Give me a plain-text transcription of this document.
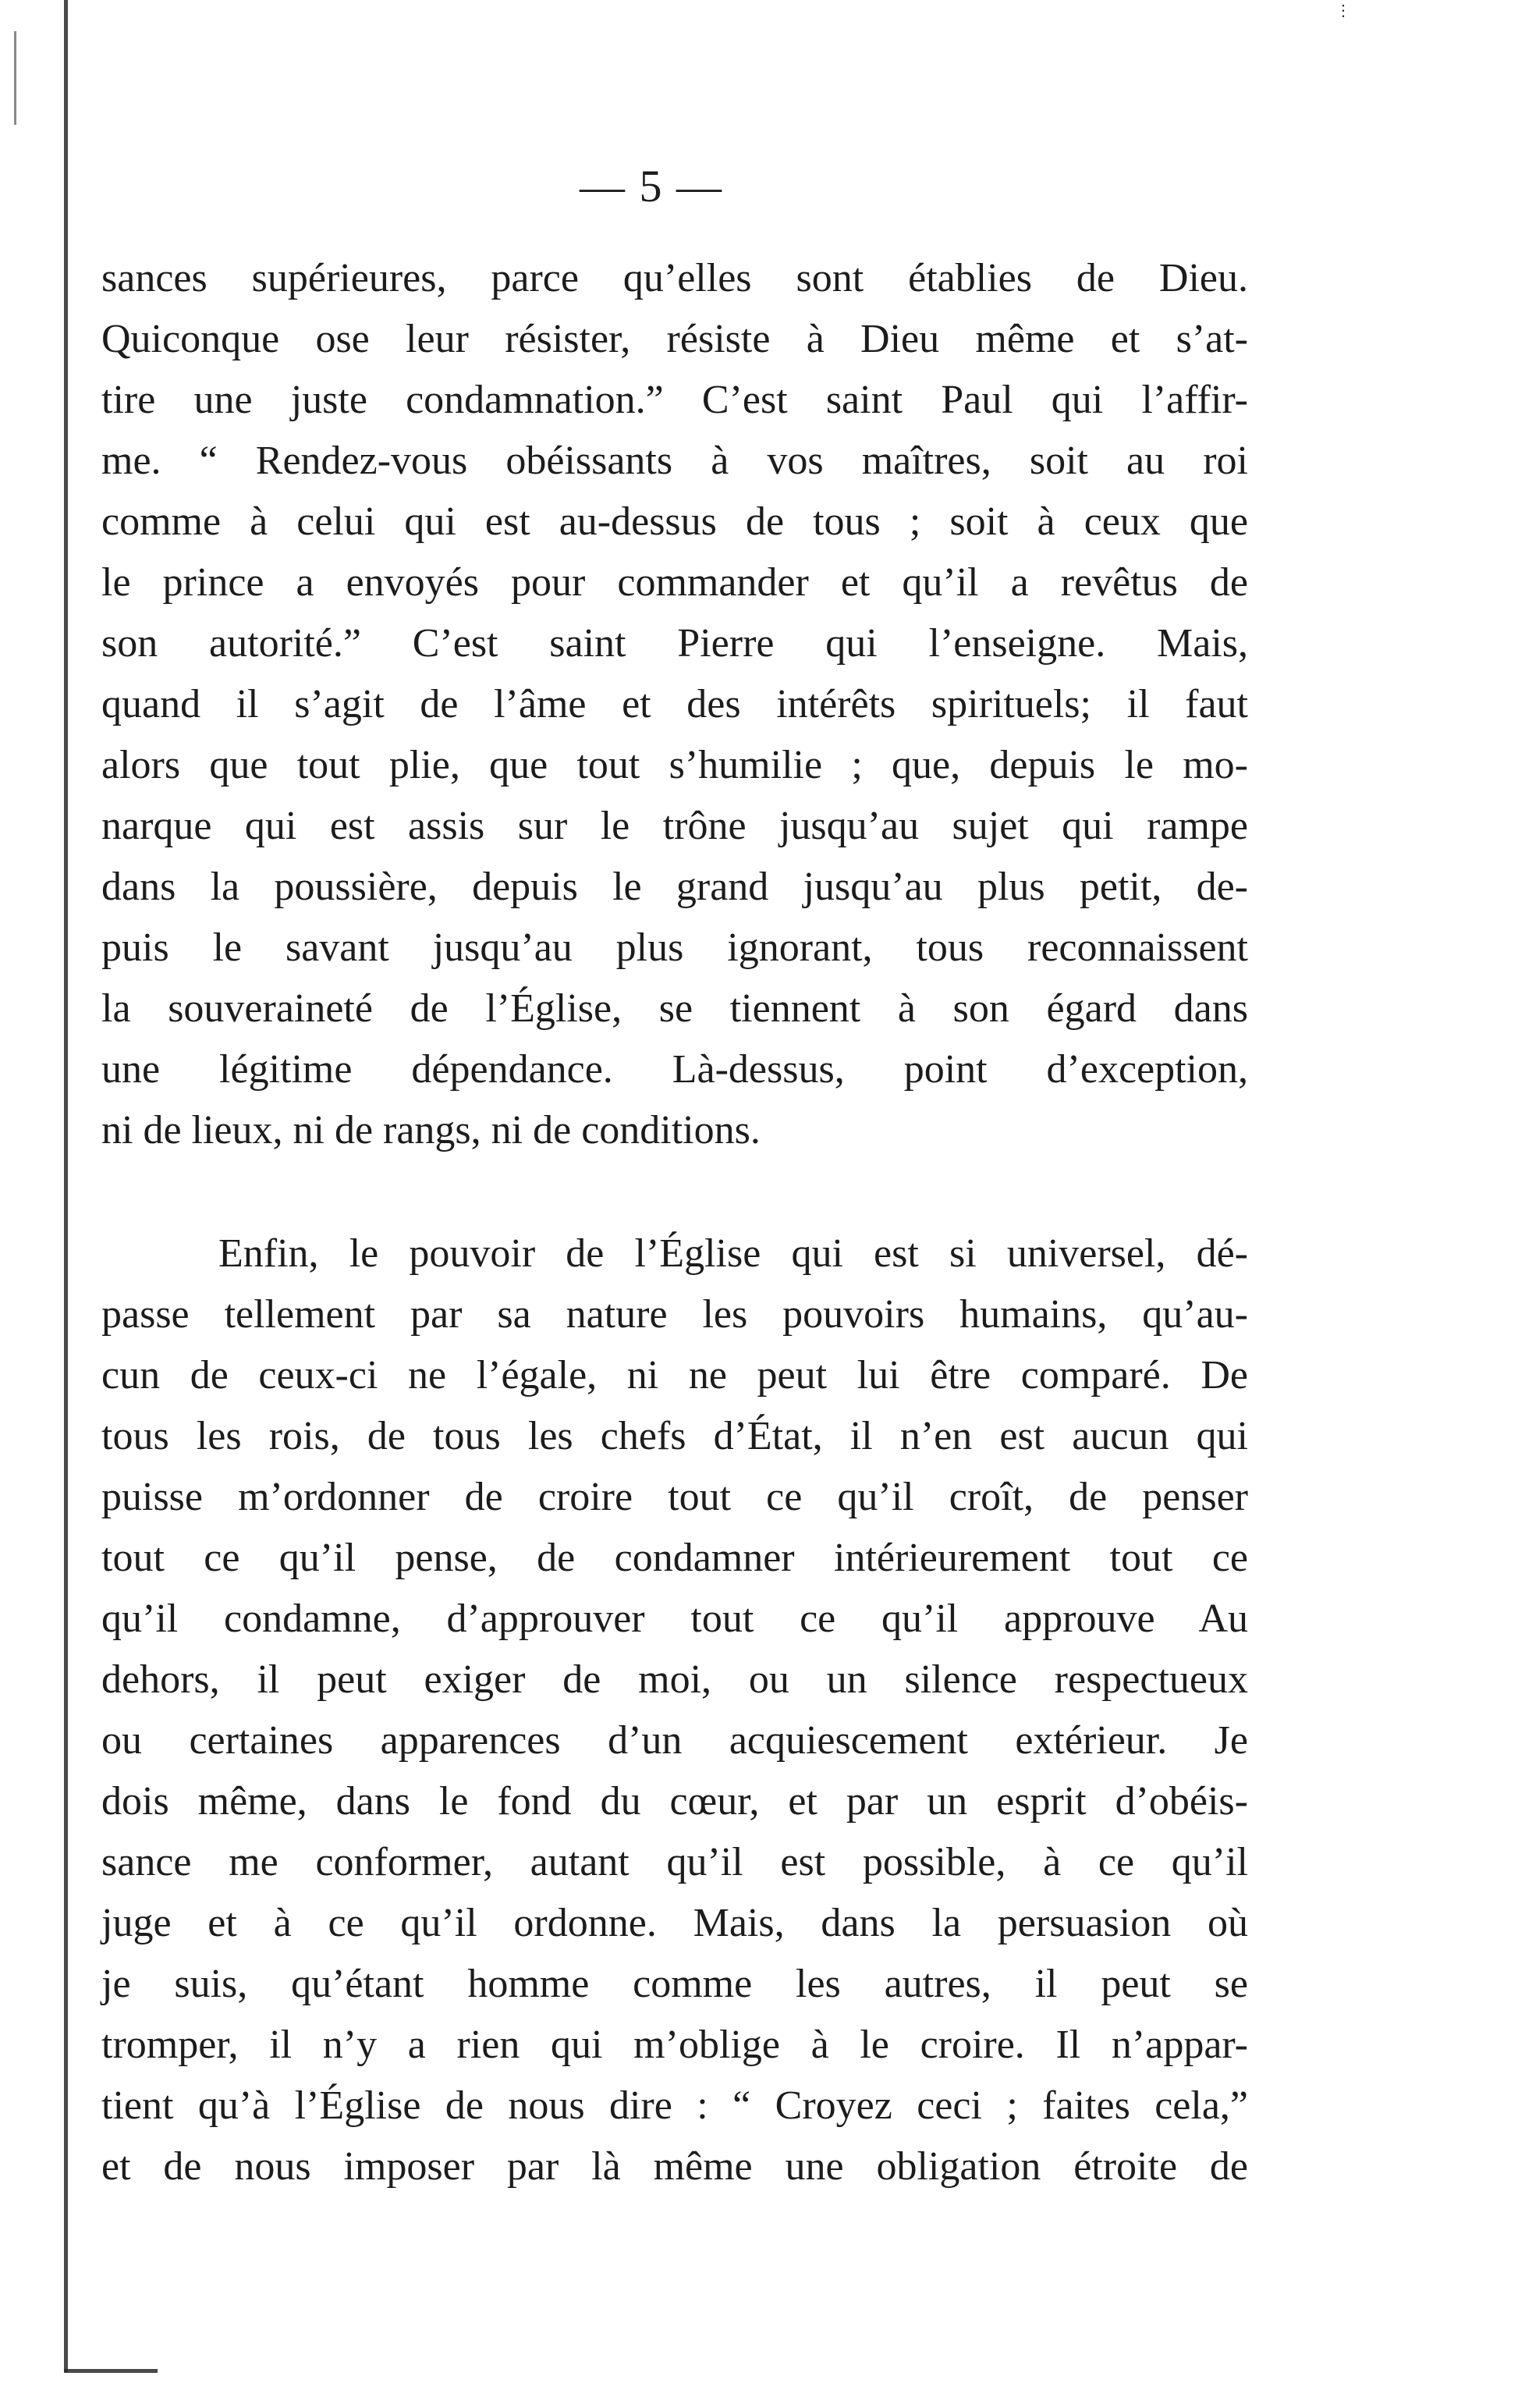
⋮
— 5 —
sances supérieures, parce qu’elles sont établies de Dieu.
Quiconque ose leur résister, résiste à Dieu même et s’at-
tire une juste condamnation.” C’est saint Paul qui l’affir-
me. “ Rendez-vous obéissants à vos maîtres, soit au roi
comme à celui qui est au-dessus de tous ; soit à ceux que
le prince a envoyés pour commander et qu’il a revêtus de
son autorité.” C’est saint Pierre qui l’enseigne. Mais,
quand il s’agit de l’âme et des intérêts spirituels; il faut
alors que tout plie, que tout s’humilie ; que, depuis le mo-
narque qui est assis sur le trône jusqu’au sujet qui rampe
dans la poussière, depuis le grand jusqu’au plus petit, de-
puis le savant jusqu’au plus ignorant, tous reconnaissent
la souveraineté de l’Église, se tiennent à son égard dans
une légitime dépendance. Là-dessus, point d’exception,
ni de lieux, ni de rangs, ni de conditions.
Enfin, le pouvoir de l’Église qui est si universel, dé-
passe tellement par sa nature les pouvoirs humains, qu’au-
cun de ceux-ci ne l’égale, ni ne peut lui être comparé. De
tous les rois, de tous les chefs d’État, il n’en est aucun qui
puisse m’ordonner de croire tout ce qu’il croît, de penser
tout ce qu’il pense, de condamner intérieurement tout ce
qu’il condamne, d’approuver tout ce qu’il approuve Au
dehors, il peut exiger de moi, ou un silence respectueux
ou certaines apparences d’un acquiescement extérieur. Je
dois même, dans le fond du cœur, et par un esprit d’obéis-
sance me conformer, autant qu’il est possible, à ce qu’il
juge et à ce qu’il ordonne. Mais, dans la persuasion où
je suis, qu’étant homme comme les autres, il peut se
tromper, il n’y a rien qui m’oblige à le croire. Il n’appar-
tient qu’à l’Église de nous dire : “ Croyez ceci ; faites cela,”
et de nous imposer par là même une obligation étroite de
